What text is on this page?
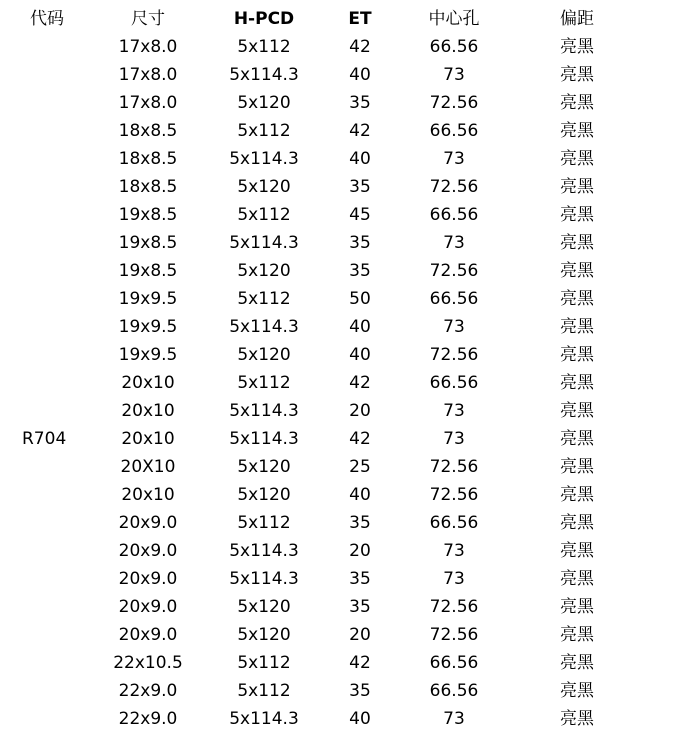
代码	尺寸	H-PCD	ET	中心孔	偏距
	17x8.0	5x112	42	66.56	亮黑
	17x8.0	5x114.3	40	73	亮黑
	17x8.0	5x120	35	72.56	亮黑
	18x8.5	5x112	42	66.56	亮黑
	18x8.5	5x114.3	40	73	亮黑
	18x8.5	5x120	35	72.56	亮黑
	19x8.5	5x112	45	66.56	亮黑
	19x8.5	5x114.3	35	73	亮黑
	19x8.5	5x120	35	72.56	亮黑
	19x9.5	5x112	50	66.56	亮黑
	19x9.5	5x114.3	40	73	亮黑
	19x9.5	5x120	40	72.56	亮黑
	20x10	5x112	42	66.56	亮黑
	20x10	5x114.3	20	73	亮黑
R704	20x10	5x114.3	42	73	亮黑
	20X10	5x120	25	72.56	亮黑
	20x10	5x120	40	72.56	亮黑
	20x9.0	5x112	35	66.56	亮黑
	20x9.0	5x114.3	20	73	亮黑
	20x9.0	5x114.3	35	73	亮黑
	20x9.0	5x120	35	72.56	亮黑
	20x9.0	5x120	20	72.56	亮黑
	22x10.5	5x112	42	66.56	亮黑
	22x9.0	5x112	35	66.56	亮黑
	22x9.0	5x114.3	40	73	亮黑
